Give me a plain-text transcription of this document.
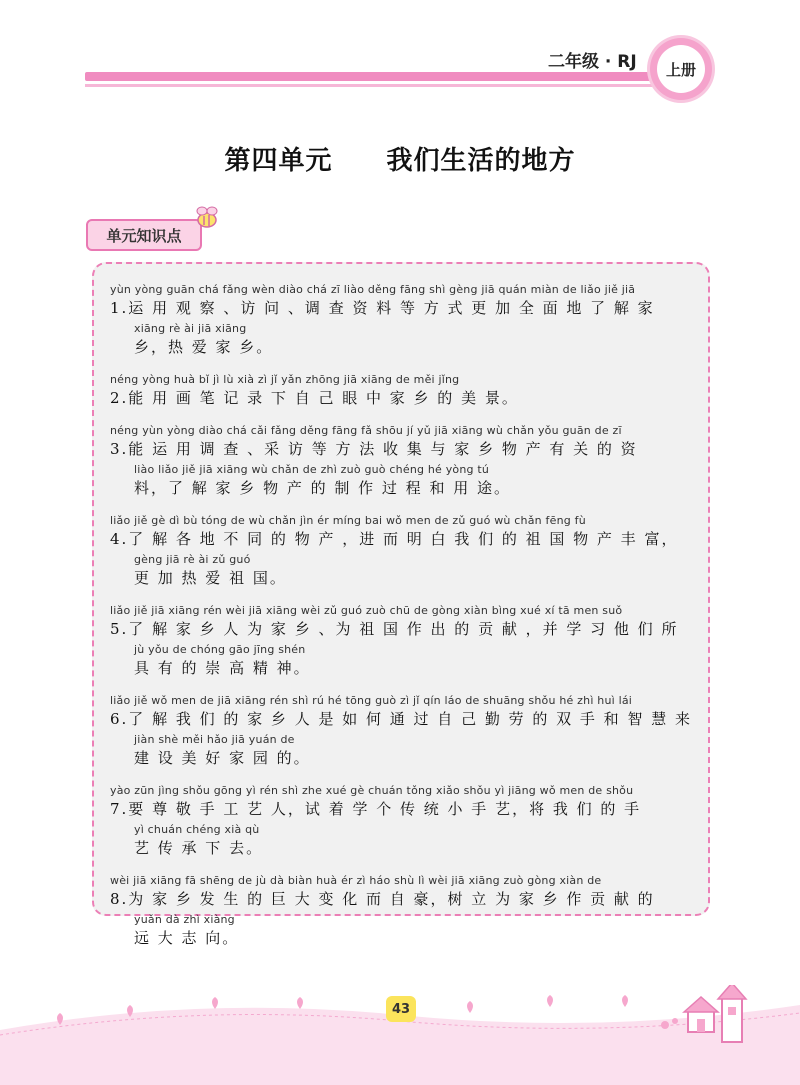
二年级 · RJ	上册
第四单元　　我们生活的地方
单元知识点
yùn yòng guān chá fǎng wèn diào chá zī liào děng fāng shì gèng jiā quán miàn de liǎo jiě jiā
1.运 用 观 察 、访 问 、调 查 资 料 等 方 式 更 加 全 面 地 了 解 家
xiāng rè ài jiā xiāng
乡，热 爱 家 乡。
néng yòng huà bǐ jì lù xià zì jǐ yǎn zhōng jiā xiāng de měi jǐng
2.能 用 画 笔 记 录 下 自 己 眼 中 家 乡 的 美 景。
néng yùn yòng diào chá cǎi fǎng děng fāng fǎ shōu jí yǔ jiā xiāng wù chǎn yǒu guān de zī
3.能 运 用 调 查 、采 访 等 方 法 收 集 与 家 乡 物 产 有 关 的 资
liào liǎo jiě jiā xiāng wù chǎn de zhì zuò guò chéng hé yòng tú
料，了 解 家 乡 物 产 的 制 作 过 程 和 用 途。
liǎo jiě gè dì bù tóng de wù chǎn jìn ér míng bai wǒ men de zǔ guó wù chǎn fēng fù
4.了 解 各 地 不 同 的 物 产 ，进 而 明 白 我 们 的 祖 国 物 产 丰 富，
gèng jiā rè ài zǔ guó
更 加 热 爱 祖 国。
liǎo jiě jiā xiāng rén wèi jiā xiāng wèi zǔ guó zuò chū de gòng xiàn bìng xué xí tā men suǒ
5.了 解 家 乡 人 为 家 乡 、为 祖 国 作 出 的 贡 献 ，并 学 习 他 们 所
jù yǒu de chóng gāo jīng shén
具 有 的 崇 高 精 神。
liǎo jiě wǒ men de jiā xiāng rén shì rú hé tōng guò zì jǐ qín láo de shuāng shǒu hé zhì huì lái
6.了 解 我 们 的 家 乡 人 是 如 何 通 过 自 己 勤 劳 的 双 手 和 智 慧 来
jiàn shè měi hǎo jiā yuán de
建 设 美 好 家 园 的。
yào zūn jìng shǒu gōng yì rén shì zhe xué gè chuán tǒng xiǎo shǒu yì jiāng wǒ men de shǒu
7.要 尊 敬 手 工 艺 人，试 着 学 个 传 统 小 手 艺，将 我 们 的 手
yì chuán chéng xià qù
艺 传 承 下 去。
wèi jiā xiāng fā shēng de jù dà biàn huà ér zì háo shù lì wèi jiā xiāng zuò gòng xiàn de
8.为 家 乡 发 生 的 巨 大 变 化 而 自 豪，树 立 为 家 乡 作 贡 献 的
yuǎn dà zhì xiàng
远 大 志 向。
43
